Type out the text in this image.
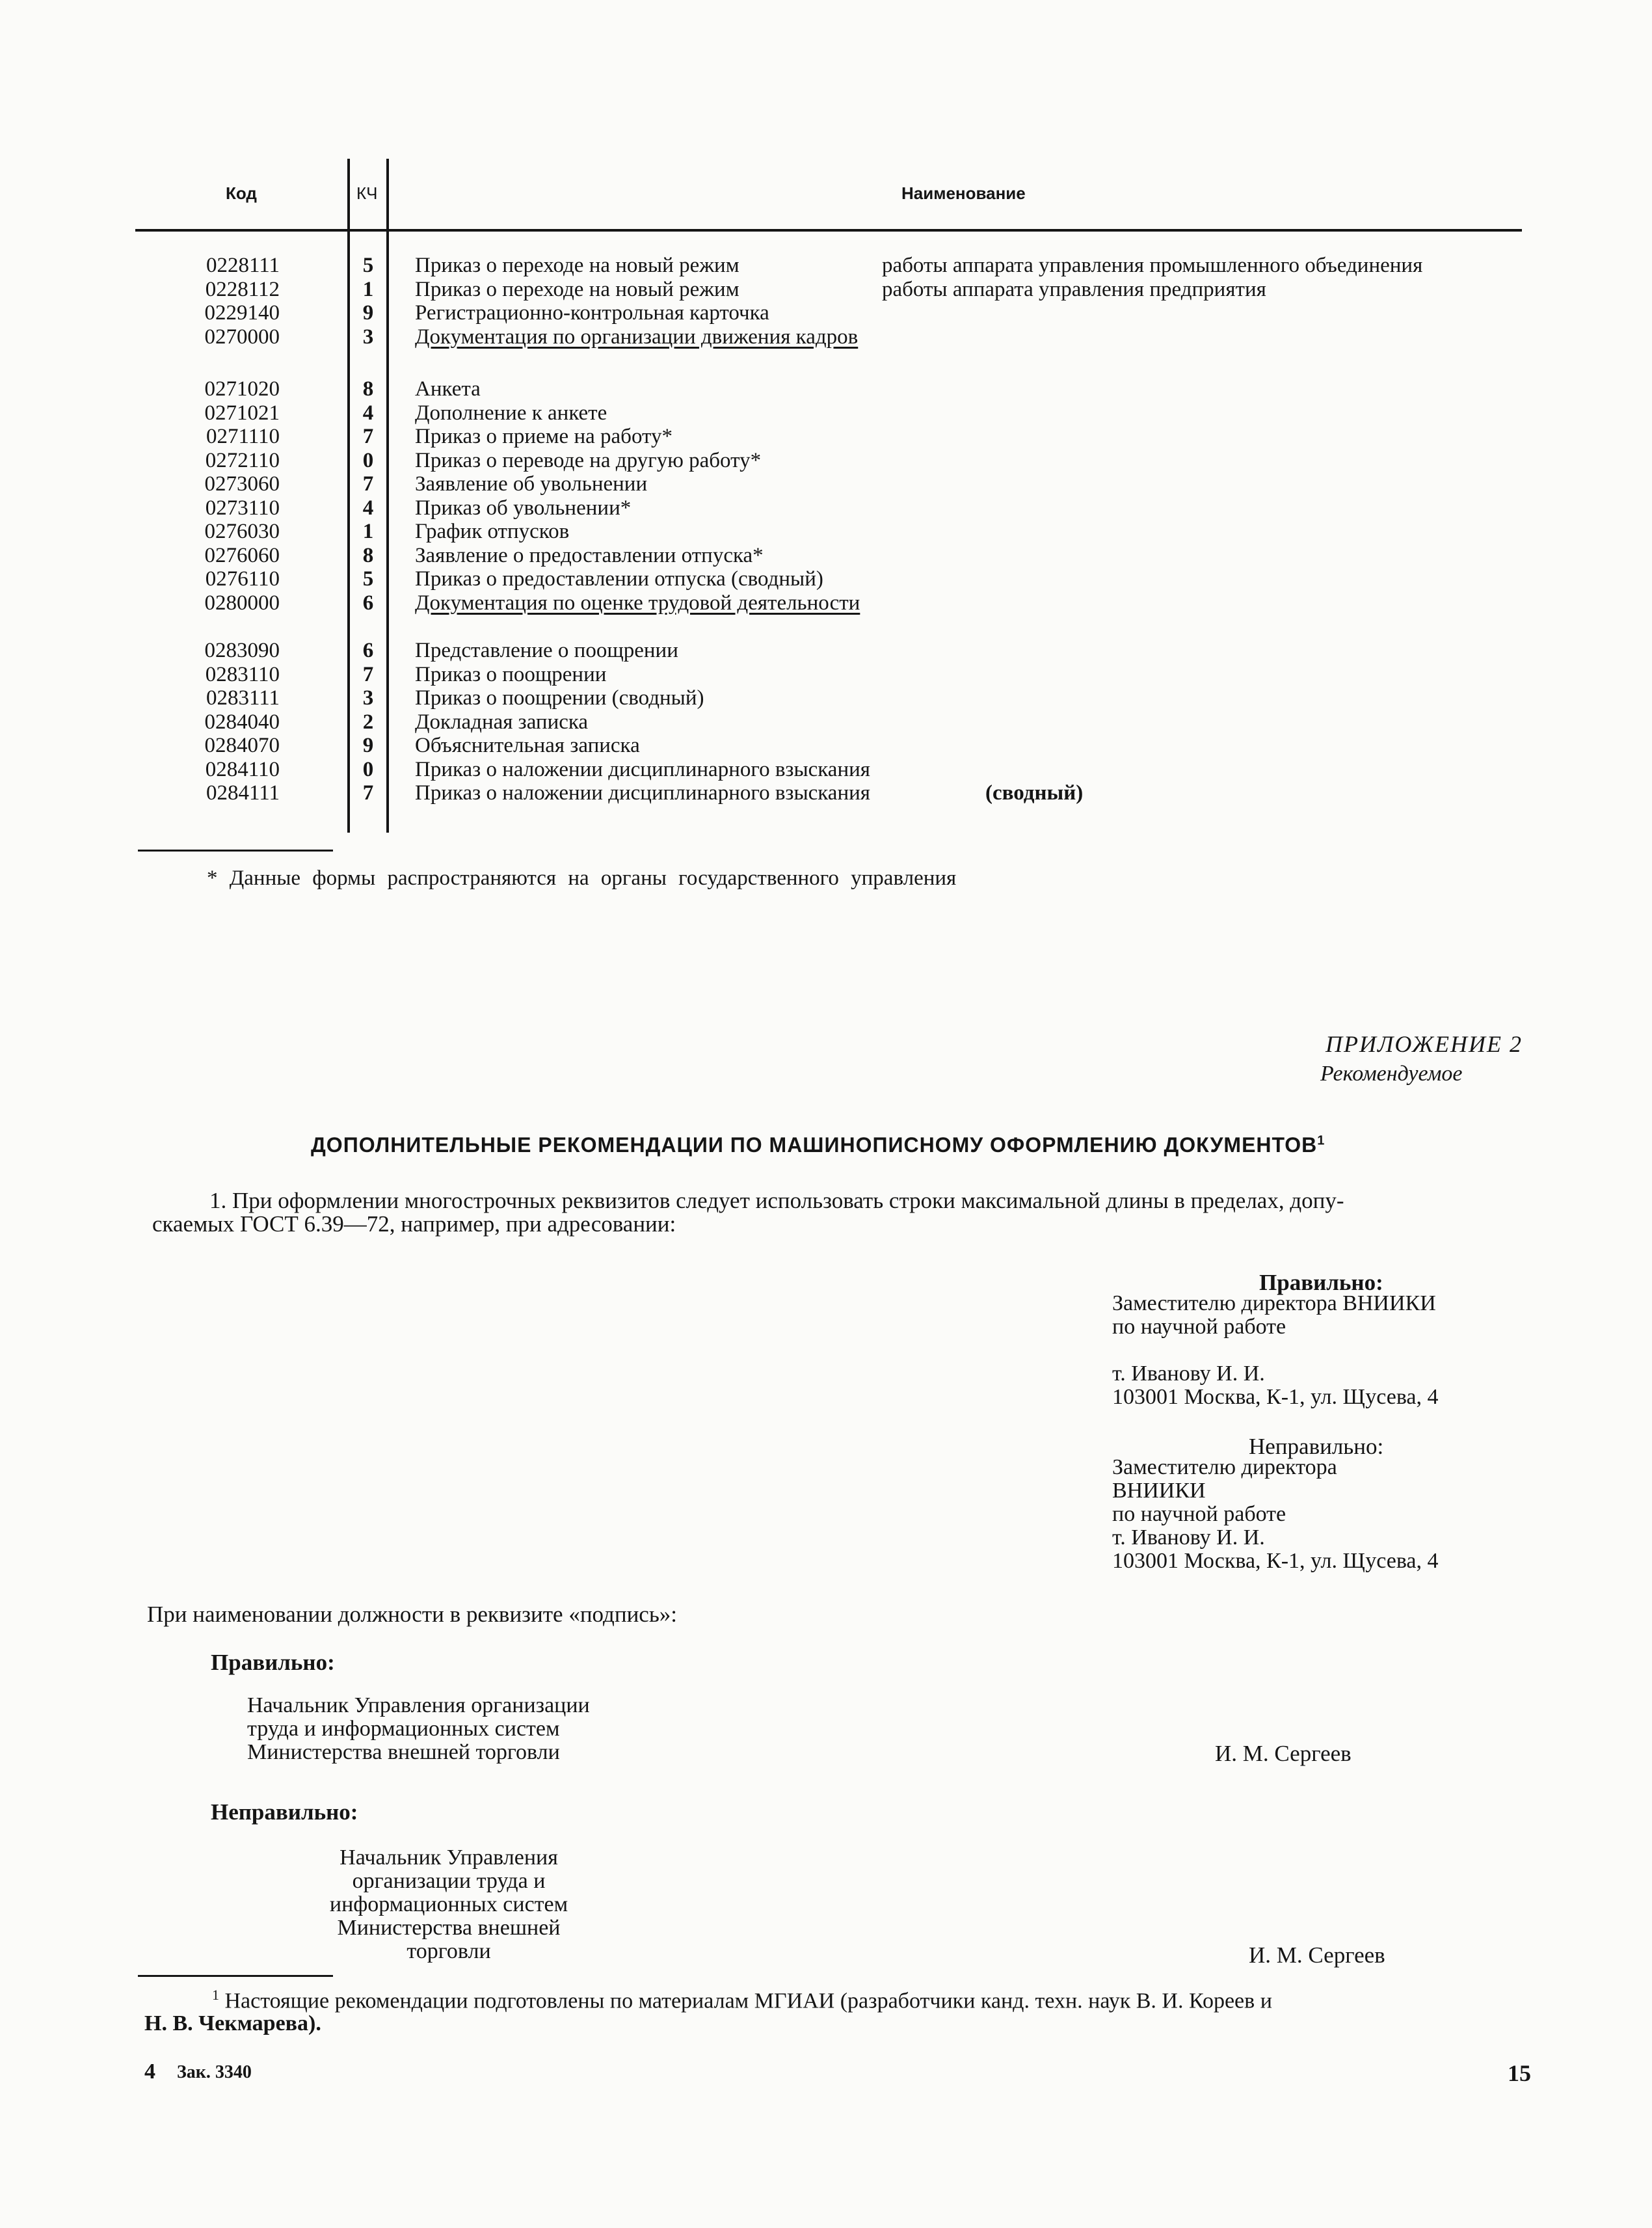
Код	КЧ	Наименование
0228111	5 Приказ о переходе на новый режим	работы аппарата управления промышленного объединения
0228112	1 Приказ о переходе на новый режим	работы аппарата управления предприятия
0229140	9 Регистрационно-контрольная карточка
0270000	3 Документация по организации движения кадров
0271020	8 Анкета
0271021	4 Дополнение к анкете
0271110	7 Приказ о приеме на работу*
0272110	0 Приказ о переводе на другую работу*
0273060	7 Заявление об увольнении
0273110	4 Приказ об увольнении*
0276030	1 График отпусков
0276060	8 Заявление о предоставлении отпуска*
0276110	5 Приказ о предоставлении отпуска (сводный)
0280000	6 Документация по оценке трудовой деятельности
0283090	6 Представление о поощрении
0283110	7 Приказ о поощрении
0283111	3 Приказ о поощрении (сводный)
0284040	2 Докладная записка
0284070	9 Объяснительная записка
0284110	0 Приказ о наложении дисциплинарного взыскания
0284111	7 Приказ о наложении дисциплинарного взыскания	(сводный)
* Данные формы распространяются на органы государственного управления
ПРИЛОЖЕНИЕ 2
Рекомендуемое
ДОПОЛНИТЕЛЬНЫЕ РЕКОМЕНДАЦИИ ПО МАШИНОПИСНОМУ ОФОРМЛЕНИЮ ДОКУМЕНТОВ$^1$
1. При оформлении многострочных реквизитов следует использовать строки максимальной длины в пределах, допу-
скаемых ГОСТ 6.39—72, например, при адресовании:
Правильно:
Заместителю директора ВНИИКИ
по научной работе

т. Иванову И. И.
103001 Москва, К-1, ул. Щусева, 4
Неправильно:
Заместителю директора
ВНИИКИ
по научной работе
т. Иванову И. И.
103001 Москва, К-1, ул. Щусева, 4
При наименовании должности в реквизите «подпись»:
Правильно:
Начальник Управления организации
труда и информационных систем
Министерства внешней торговли	И. М. Сергеев
Неправильно:
Начальник Управления
организации труда и
информационных систем
Министерства внешней
торговли	И. М. Сергеев
$^1$ Настоящие рекомендации подготовлены по материалам МГИАИ (разработчики канд. техн. наук В. И. Кореев и
Н. В. Чекмарева).
4 Зак. 3340	15
